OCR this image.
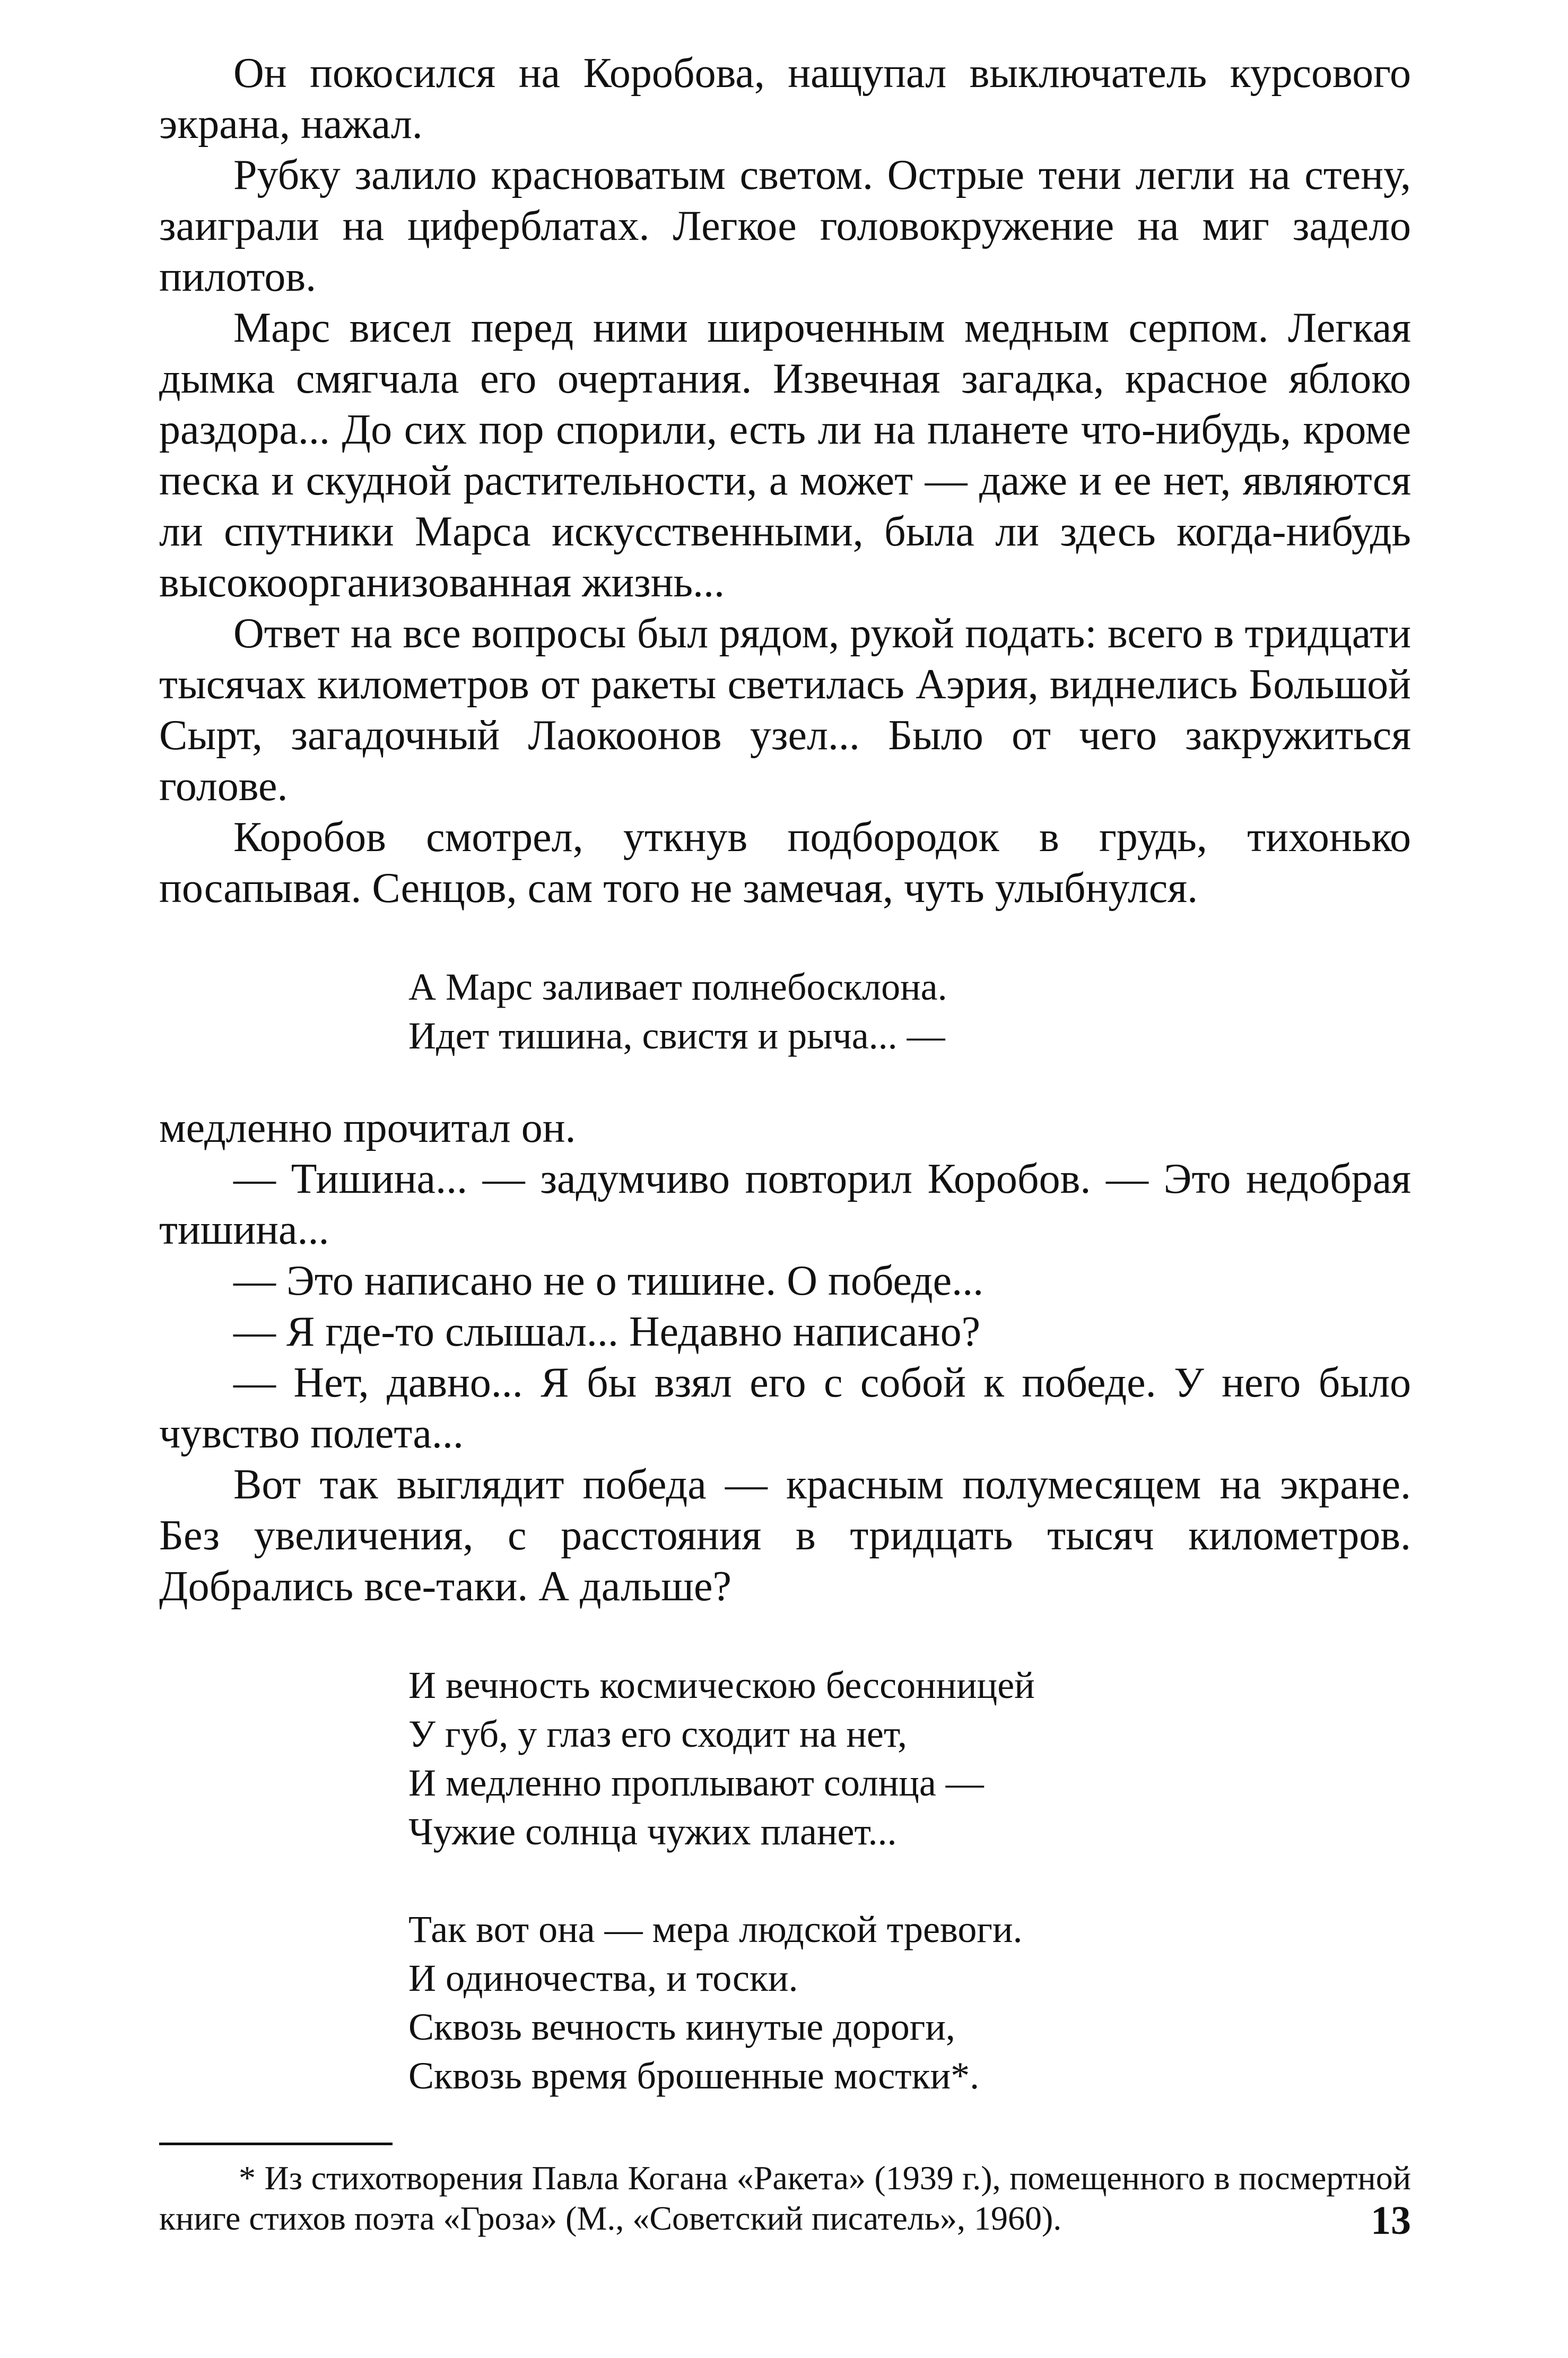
Он покосился на Коробова, нащупал выключатель курсового экрана, нажал.

Рубку залило красноватым светом. Острые тени легли на стену, заиграли на циферблатах. Легкое головокружение на миг задело пилотов.

Марс висел перед ними широченным медным серпом. Легкая дымка смягчала его очертания. Извечная загадка, красное яблоко раздора... До сих пор спорили, есть ли на планете что-нибудь, кроме песка и скудной растительности, а может — даже и ее нет, являются ли спутники Марса искусственными, была ли здесь когда-нибудь высокоорганизованная жизнь...

Ответ на все вопросы был рядом, рукой подать: всего в тридцати тысячах километров от ракеты светилась Аэрия, виднелись Большой Сырт, загадочный Лаокоонов узел... Было от чего закружиться голове.

Коробов смотрел, уткнув подбородок в грудь, тихонько посапывая. Сенцов, сам того не замечая, чуть улыбнулся.

А Марс заливает полнебосклона.
Идет тишина, свистя и рыча... —

медленно прочитал он.

— Тишина... — задумчиво повторил Коробов. — Это недобрая тишина...

— Это написано не о тишине. О победе...

— Я где-то слышал... Недавно написано?

— Нет, давно... Я бы взял его с собой к победе. У него было чувство полета...

Вот так выглядит победа — красным полумесяцем на экране. Без увеличения, с расстояния в тридцать тысяч километров. Добрались все-таки. А дальше?

И вечность космическою бессонницей
У губ, у глаз его сходит на нет,
И медленно проплывают солнца —
Чужие солнца чужих планет...
Так вот она — мера людской тревоги.
И одиночества, и тоски.
Сквозь вечность кинутые дороги,
Сквозь время брошенные мостки*.

* Из стихотворения Павла Когана «Ракета» (1939 г.), помещенного в посмертной книге стихов поэта «Гроза» (М., «Советский писатель», 1960).	13
